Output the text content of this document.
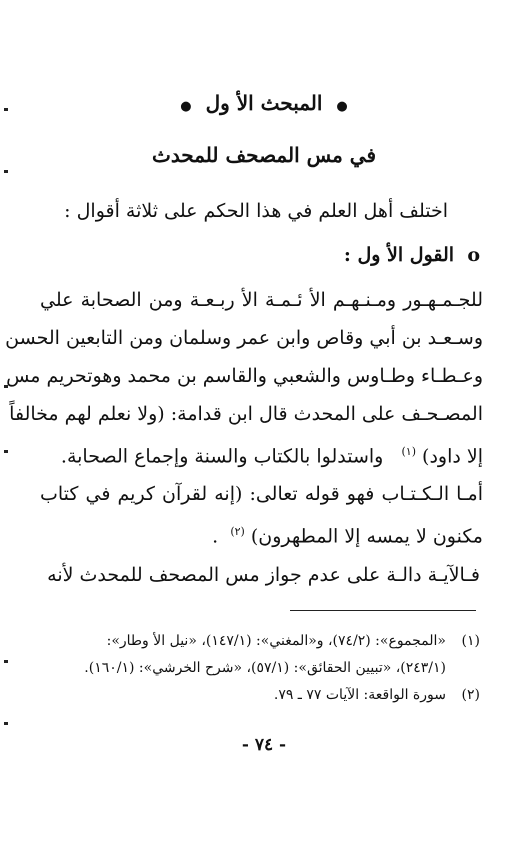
●  المبحث الأ ول  ●
في مس المصحف للمحدث
اختلف أهل العلم في هذا الحكم على ثلاثة أقوال :
o  القول الأ ول :
للجـمـهـور ومـنـهـم الأ ئـمـة الأ ربـعـة ومن الصحابة علي
وسـعـد بن أبي وقاص وابن عمر وسلمان ومن التابعين الحسن
وعـطـاء وطـاوس والشعبي والقاسم بن محمد وهوتحريم مس
المصـحـف على المحدث قال ابن قدامة: (ولا نعلم لهم مخالفاً
إلا داود) $^{(١)}$   واستدلوا بالكتاب والسنة وإجماع الصحابة.
أمـا الـكـتـاب فهو قوله تعالى: (إنه لقرآن كريم في كتاب
مكنون لا يمسه إلا المطهرون) $^{(٢)}$  .
فـالآيـة دالـة على عدم جواز مس المصحف للمحدث لأنه
(١)«المجموع»: (٧٤/٢)، و«المغني»: (١٤٧/١)، «نيل الأ وطار»:
(٢٤٣/١)، «تبيين الحقائق»: (٥٧/١)، «شرح الخرشي»: (١٦٠/١).
(٢)سورة الواقعة: الآيات ٧٧ ـ ٧٩.
- ٧٤ -
